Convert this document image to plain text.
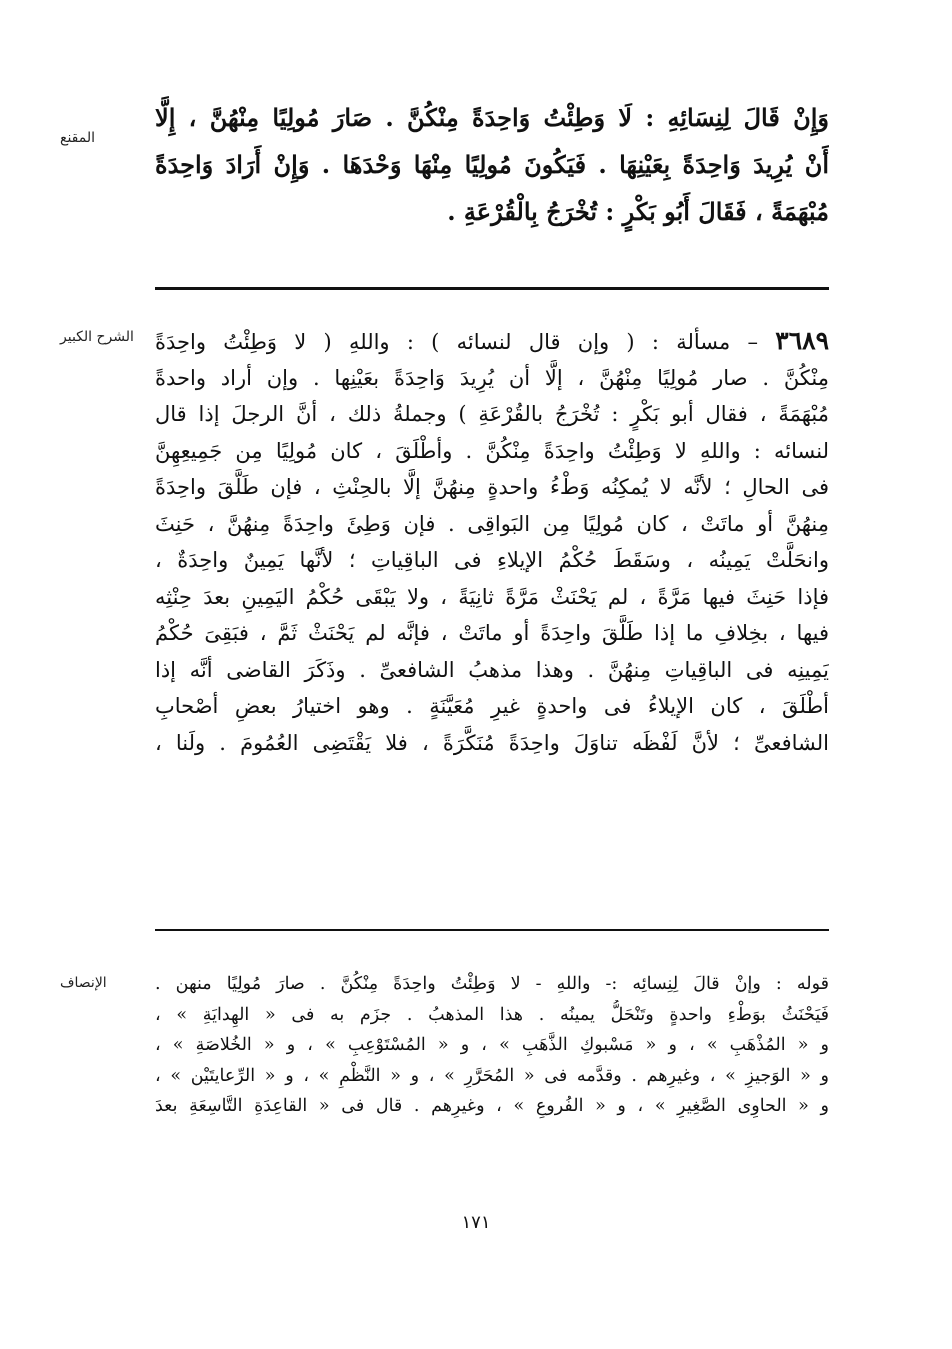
المقنع
وَإِنْ قَالَ لِنِسَائِهِ : لَا وَطِئْتُ وَاحِدَةً مِنْكُنَّ . صَارَ مُولِيًا مِنْهُنَّ ، إِلَّا
أَنْ يُرِيدَ وَاحِدَةً بِعَيْنِهَا . فَيَكُونَ مُولِيًا مِنْهَا وَحْدَهَا . وَإِنْ أَرَادَ وَاحِدَةً
مُبْهَمَةً ، فَقَالَ أَبُو بَكْرٍ : تُخْرَجُ بِالْقُرْعَةِ .
الشرح الكبير	٣٦٨٩ – مسألة : ( وإن قال لنسائه ) : واللهِ ( لا وَطِئْتُ واحِدَةً
مِنْكُنَّ . صار مُولِيًا مِنْهُنَّ ، إلَّا أن يُرِيدَ وَاحِدَةً بعَيْنِها . وإن أراد واحدةً
مُبْهَمَةً ، فقال أبو بَكْرٍ : تُخْرَجُ بالقُرْعَةِ ) وجملةُ ذلك ، أنَّ الرجلَ إذا قال
لنسائه : واللهِ لا وَطِئْتُ واحِدَةً مِنْكُنَّ . وأطْلَقَ ، كان مُولِيًا مِن جَمِيعِهِنَّ
فى الحالِ ؛ لأنَّه لا يُمكِنُه وَطْءُ واحدةٍ مِنهُنَّ إلَّا بالحِنْثِ ، فإن طَلَّقَ واحِدَةً
مِنهُنَّ أو ماتَتْ ، كان مُولِيًا مِن البَواقِى . فإن وَطِئَ واحِدَةً مِنهُنَّ ، حَنِثَ
وانحَلَّتْ يَمِينُه ، وسَقَطَ حُكْمُ الإيلاءِ فى الباقِياتِ ؛ لأنَّها يَمِينٌ واحِدَةٌ ،
فإذا حَنِثَ فيها مَرَّةً ، لم يَحْنَثْ مَرَّةً ثانِيَةً ، ولا يَبْقَى حُكْمُ اليَمِينِ بعدَ حِنْثِه
فيها ، بخِلافِ ما إذا طَلَّقَ واحِدَةً أو ماتَتْ ، فإنَّه لم يَحْنَثْ ثَمَّ ، فبَقِىَ حُكْمُ
يَمِينِه فى الباقِياتِ مِنهُنَّ . وهذا مذهبُ الشافعىِّ . وذَكَرَ القاضى أنَّه إذا
أطْلَقَ ، كان الإيلاءُ فى واحدةٍ غيرِ مُعَيَّنَةٍ . وهو اختيارُ بعضِ أصْحابِ
الشافعىِّ ؛ لأنَّ لَفْظَه تناوَلَ واحِدَةً مُنَكَّرَةً ، فلا يَقْتَضِى العُمُومَ . ولَنا ،
الإنصاف	قوله : وإنْ قالَ لِنِسائِه :- واللهِ - لا وَطِئْتُ واحِدَةً مِنْكُنَّ . صارَ مُولِيًا منهن .
فَيَحْنَثُ بوَطْءِ واحدةٍ وتَنْحَلُّ يمينُه . هذا المذهبُ . جزَم به فى « الهِدايَةِ » ،
و « المُذْهَبِ » ، و « مَسْبوكِ الذَّهَبِ » ، و « المُسْتَوْعِبِ » ، و « الخُلاصَةِ » ،
و « الوَجيزِ » ، وغيرِهم . وقدَّمه فى « المُحَرَّرِ » ، و « النَّظْمِ » ، و « الرِّعايتَيْن » ،
و « الحاوِى الصَّغِيرِ » ، و « الفُروعِ » ، وغيرِهم . قال فى « القاعِدَةِ التَّاسِعَةِ بعدَ
١٧١
